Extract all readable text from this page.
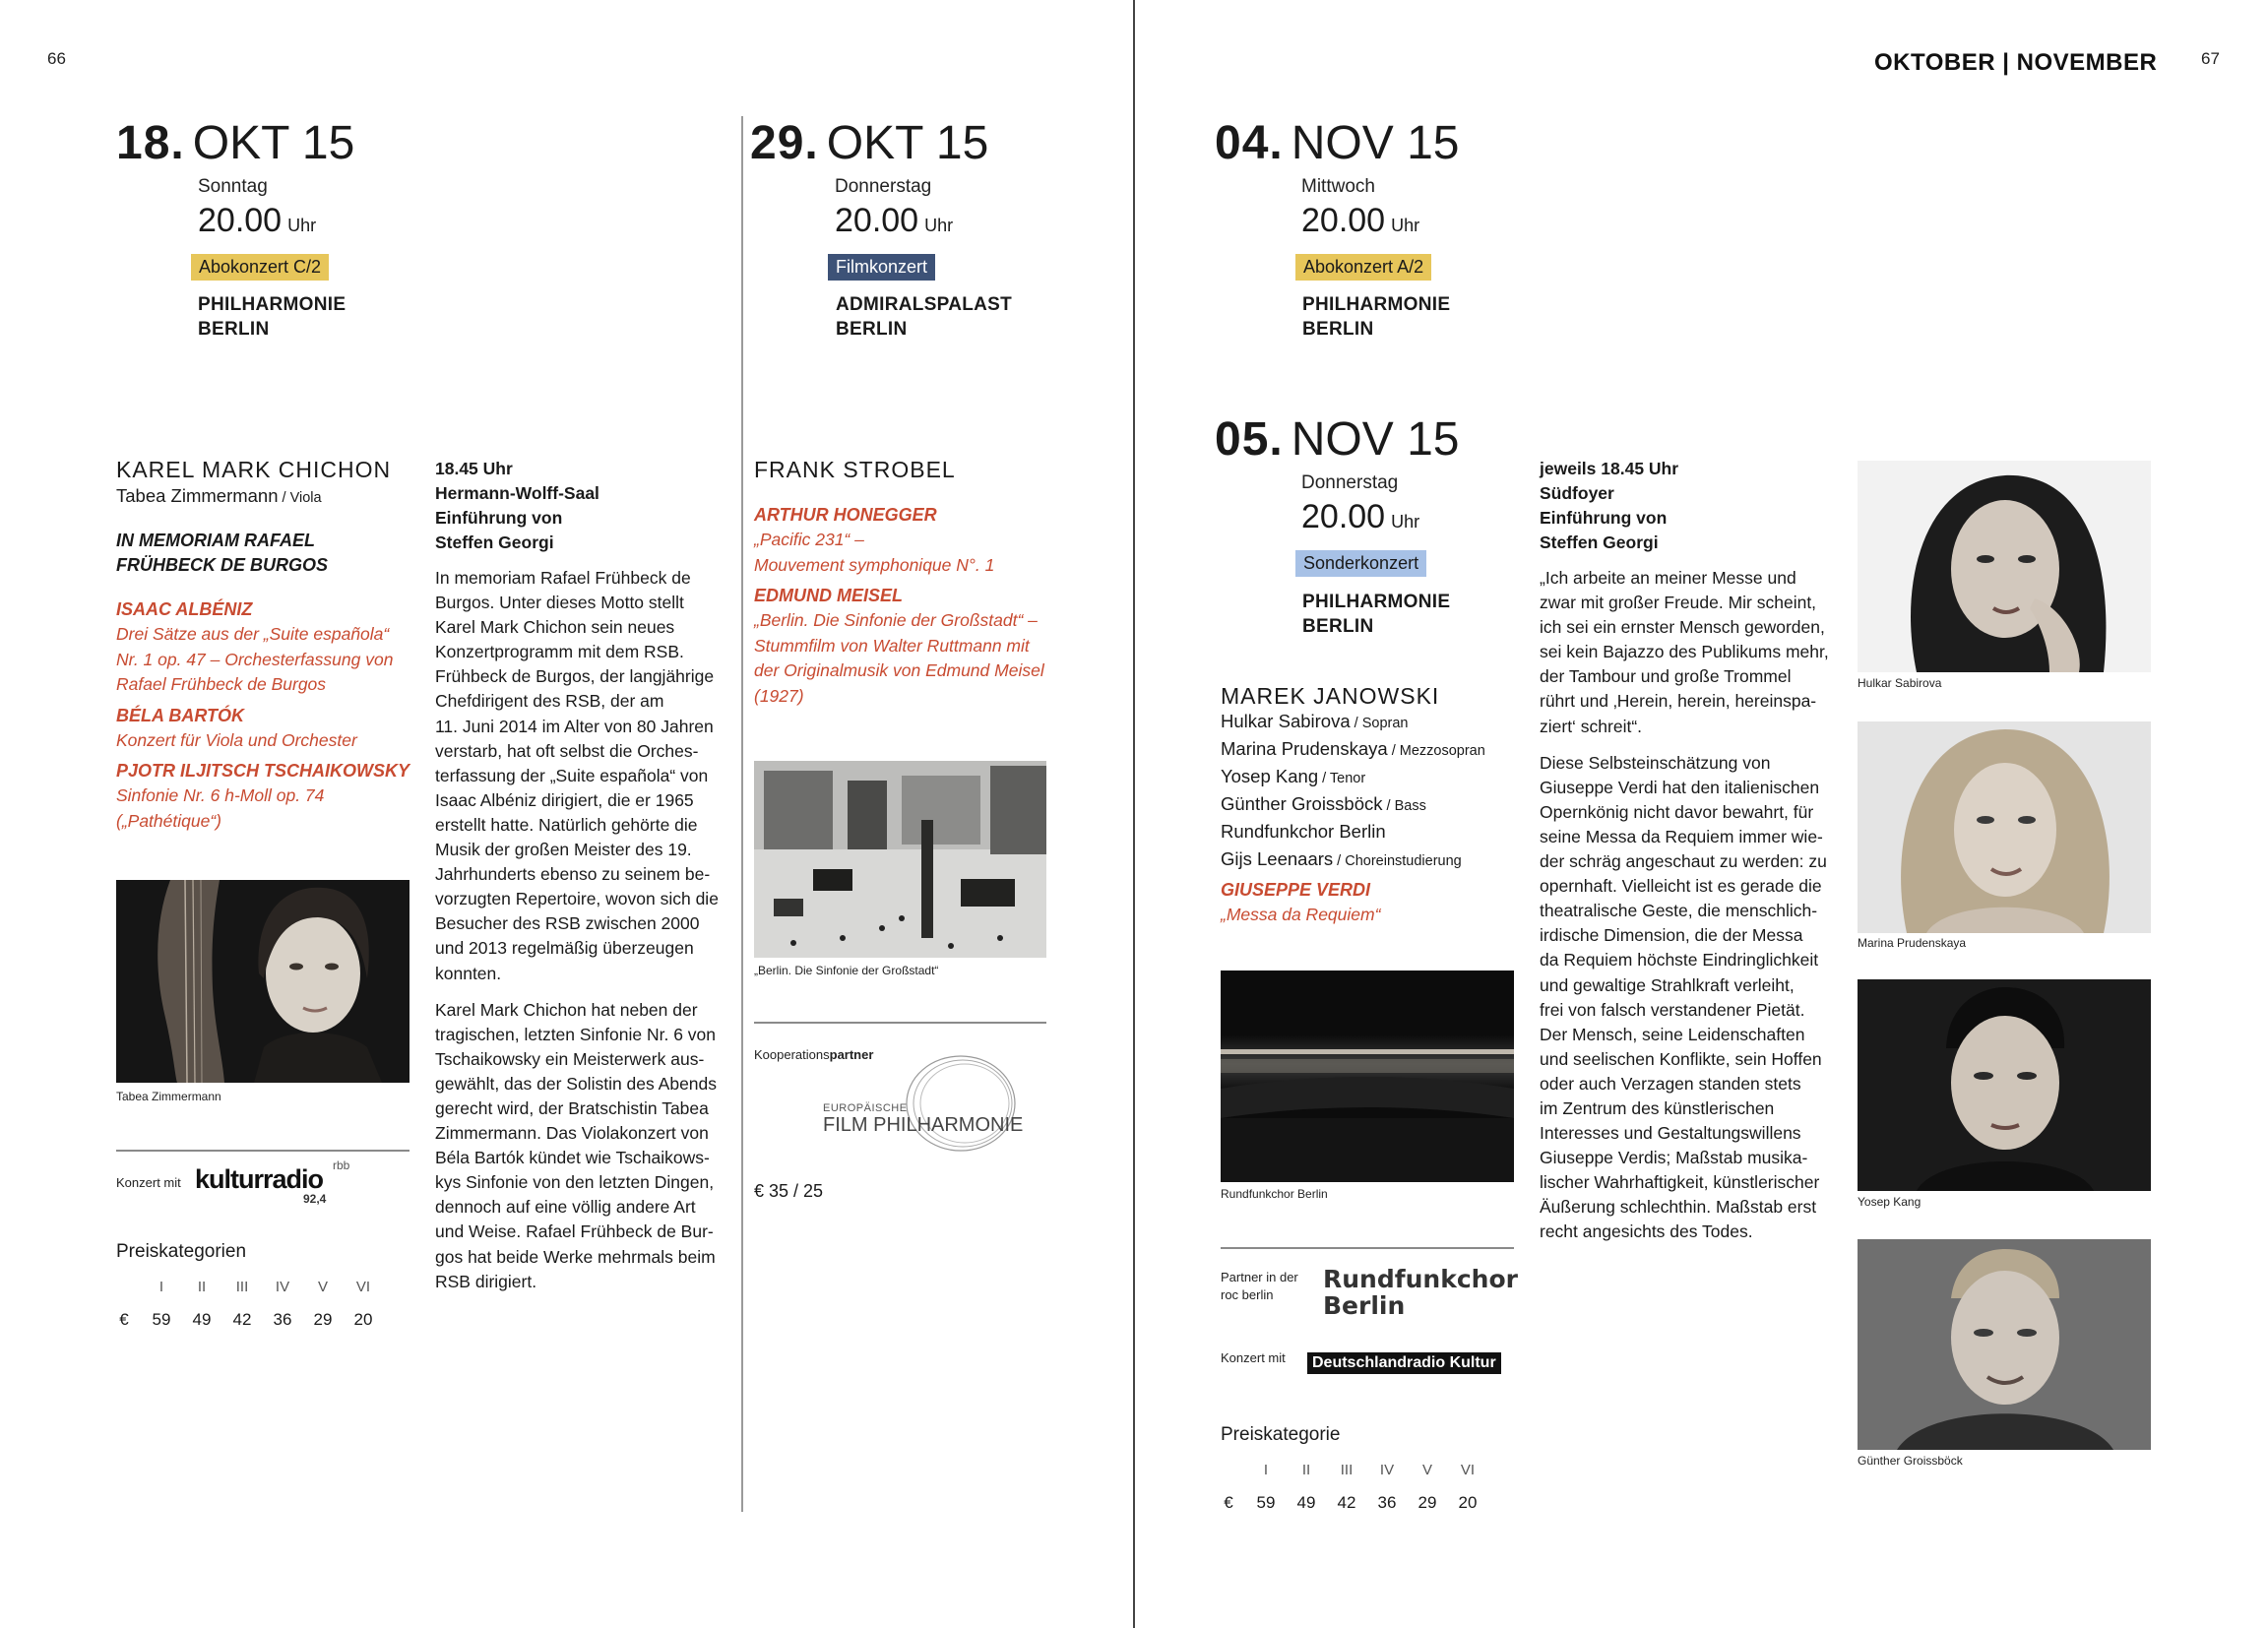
66	67
OKTOBER | NOVEMBER
18. OKT 15
Sonntag
20.00 Uhr
Abokonzert C/2
PHILHARMONIE
BERLIN
KAREL MARK CHICHON
Tabea Zimmermann / Viola
IN MEMORIAM RAFAEL
FRÜHBECK DE BURGOS
ISAAC ALBÉNIZ
Drei Sätze aus der „Suite española“
Nr. 1 op. 47 – Orchesterfassung von
Rafael Frühbeck de Burgos
BÉLA BARTÓK
Konzert für Viola und Orchester
PJOTR ILJITSCH TSCHAIKOWSKY
Sinfonie Nr. 6 h-Moll op. 74
(„Pathétique“)
Tabea Zimmermann
Konzert mit kulturradio rbb
92,4
Preiskategorien
I	II	III	IV	V	VI
€	59	49	42	36	29	20
18.45 Uhr
Hermann-Wolff-Saal
Einführung von
Steffen Georgi

In memoriam Rafael Frühbeck de
Burgos. Unter dieses Motto stellt
Karel Mark Chichon sein neues
Konzertprogramm mit dem RSB.
Frühbeck de Burgos, der langjährige
Chefdirigent des RSB, der am
11. Juni 2014 im Alter von 80 Jahren
verstarb, hat oft selbst die Orches-
terfassung der „Suite española“ von
Isaac Albéniz dirigiert, die er 1965
erstellt hatte. Natürlich gehörte die
Musik der großen Meister des 19.
Jahrhunderts ebenso zu seinem be-
vorzugten Repertoire, wovon sich die
Besucher des RSB zwischen 2000
und 2013 regelmäßig überzeugen
konnten.

Karel Mark Chichon hat neben der
tragischen, letzten Sinfonie Nr. 6 von
Tschaikowsky ein Meisterwerk aus-
gewählt, das der Solistin des Abends
gerecht wird, der Bratschistin Tabea
Zimmermann. Das Violakonzert von
Béla Bartók kündet wie Tschaikows-
kys Sinfonie von den letzten Dingen,
dennoch auf eine völlig andere Art
und Weise. Rafael Frühbeck de Bur-
gos hat beide Werke mehrmals beim
RSB dirigiert.

29. OKT 15
Donnerstag
20.00 Uhr
Filmkonzert
ADMIRALSPALAST
BERLIN
FRANK STROBEL
ARTHUR HONEGGER
„Pacific 231“ –
Mouvement symphonique N°. 1
EDMUND MEISEL
„Berlin. Die Sinfonie der Großstadt“ –
Stummfilm von Walter Ruttmann mit
der Originalmusik von Edmund Meisel
(1927)
„Berlin. Die Sinfonie der Großstadt“
Kooperationspartner
EUROPÄISCHE
FILM PHILHARMONIE
€ 35 / 25
04. NOV 15
Mittwoch
20.00 Uhr
Abokonzert A/2
PHILHARMONIE
BERLIN
05. NOV 15
Donnerstag
20.00 Uhr
Sonderkonzert
PHILHARMONIE
BERLIN
MAREK JANOWSKI
Hulkar Sabirova / Sopran
Marina Prudenskaya / Mezzosopran
Yosep Kang / Tenor
Günther Groissböck / Bass
Rundfunkchor Berlin
Gijs Leenaars / Choreinstudierung
GIUSEPPE VERDI
„Messa da Requiem“
Rundfunkchor Berlin
Partner in der
roc berlin
Rundfunkchor
Berlin
Konzert mit	Deutschlandradio Kultur
Preiskategorie
I	II	III	IV	V	VI
€	59	49	42	36	29	20
jeweils 18.45 Uhr
Südfoyer
Einführung von
Steffen Georgi

„Ich arbeite an meiner Messe und
zwar mit großer Freude. Mir scheint,
ich sei ein ernster Mensch geworden,
sei kein Bajazzo des Publikums mehr,
der Tambour und große Trommel
rührt und ‚Herein, herein, hereinspa-
ziert‘ schreit“.

Diese Selbsteinschätzung von
Giuseppe Verdi hat den italienischen
Opernkönig nicht davor bewahrt, für
seine Messa da Requiem immer wie-
der schräg angeschaut zu werden: zu
opernhaft. Vielleicht ist es gerade die
theatralische Geste, die menschlich-
irdische Dimension, die der Messa
da Requiem höchste Eindringlichkeit
und gewaltige Strahlkraft verleiht,
frei von falsch verstandener Pietät.
Der Mensch, seine Leidenschaften
und seelischen Konflikte, sein Hoffen
oder auch Verzagen standen stets
im Zentrum des künstlerischen
Interesses und Gestaltungswillens
Giuseppe Verdis; Maßstab musika-
lischer Wahrhaftigkeit, künstlerischer
Äußerung schlechthin. Maßstab erst
recht angesichts des Todes.

Hulkar Sabirova
Marina Prudenskaya
Yosep Kang
Günther Groissböck
